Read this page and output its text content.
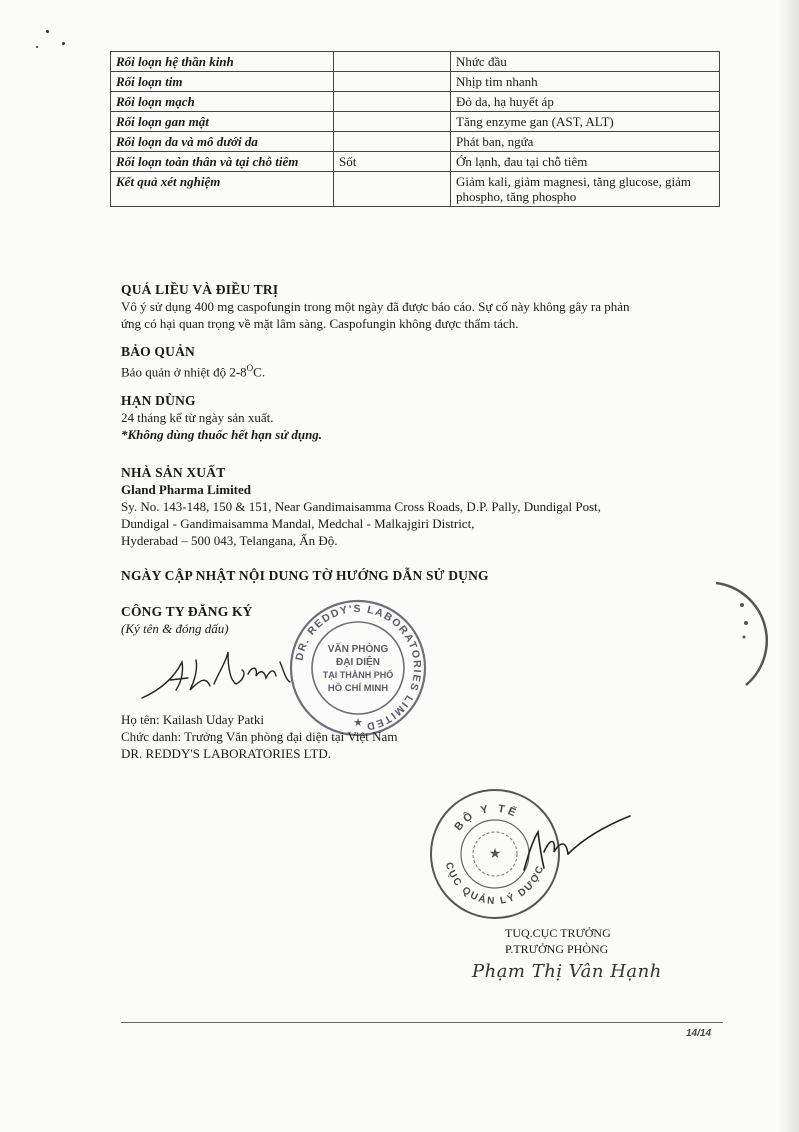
Rối loạn hệ thần kinh		Nhức đầu
Rối loạn tim		Nhịp tim nhanh
Rối loạn mạch		Đỏ da, hạ huyết áp
Rối loạn gan mật		Tăng enzyme gan (AST, ALT)
Rối loạn da và mô dưới da		Phát ban, ngứa
Rối loạn toàn thân và tại chỗ tiêm	Sốt	Ớn lạnh, đau tại chỗ tiêm
Kết quả xét nghiệm		Giảm kali, giảm magnesi, tăng glucose, giảm phospho, tăng phospho
QUÁ LIỀU VÀ ĐIỀU TRỊ
Vô ý sử dụng 400 mg caspofungin trong một ngày đã được báo cáo. Sự cố này không gây ra phản
ứng có hại quan trọng về mặt lâm sàng. Caspofungin không được thẩm tách.
BẢO QUẢN
Bảo quản ở nhiệt độ $2-8^OC$.
HẠN DÙNG
24 tháng kể từ ngày sản xuất.
*Không dùng thuốc hết hạn sử dụng.
NHÀ SẢN XUẤT
Gland Pharma Limited
Sy. No. 143-148, 150 & 151, Near Gandimaisamma Cross Roads, D.P. Pally, Dundigal Post,
Dundigal - Gandimaisamma Mandal, Medchal - Malkajgiri District,
Hyderabad – 500 043, Telangana, Ấn Độ.
NGÀY CẬP NHẬT NỘI DUNG TỜ HƯỚNG DẪN SỬ DỤNG
CÔNG TY ĐĂNG KÝ
(Ký tên & đóng dấu)
DR. REDDY'S LABORATORIES LIMITED
VĂN PHÒNG
ĐẠI DIỆN
TẠI THÀNH PHỐ
HỒ CHÍ MINH
★
Họ tên: Kailash Uday Patki
Chức danh: Trưởng Văn phòng đại diện tại Việt Nam
DR. REDDY'S LABORATORIES LTD.
★
BỘ Y TẾ
CỤC QUẢN LÝ DƯỢC
TUQ.CỤC TRƯỞNG
P.TRƯỞNG PHÒNG
Phạm Thị Vân Hạnh
14/14
